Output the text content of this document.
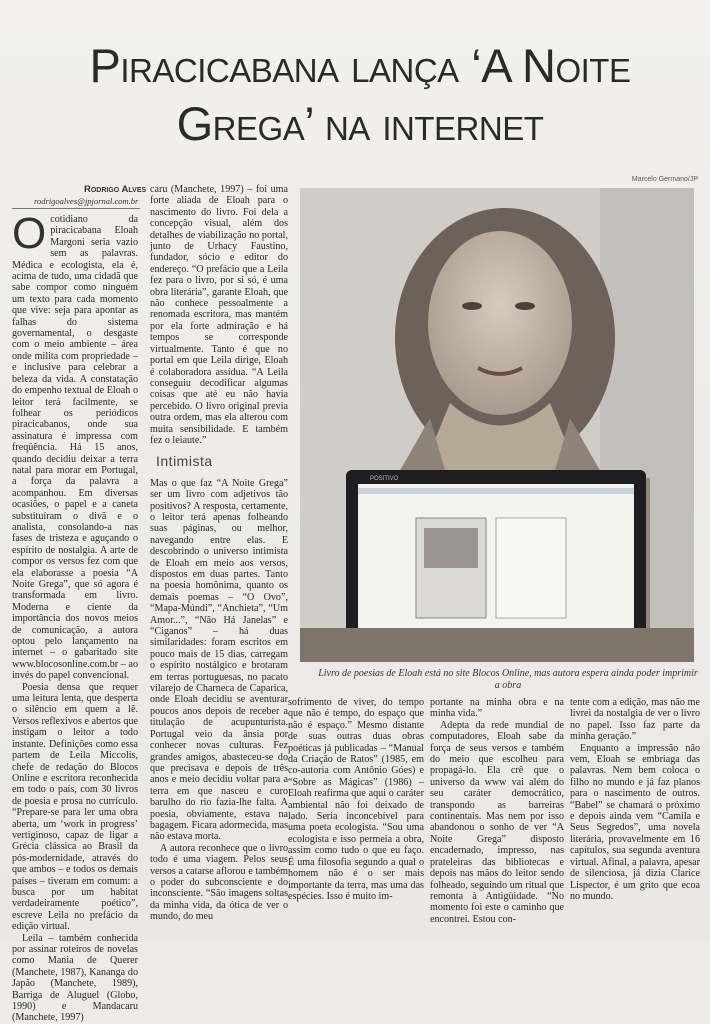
Piracicabana lança ‘A Noite Grega’ na internet
POSITIVO
Marcelo Germano/JP
Livro de poesias de Eloah está no site Blocos Online, mas autora espera ainda poder imprimir a obra
Rodrigo Alves
rodrigoalves@jpjornal.com.br
O cotidiano da piracicabana Eloah Margoni seria vazio sem as palavras. Médica e ecologista, ela é, acima de tudo, uma cidadã que sabe compor como ninguém um texto para cada momento que vive: seja para apontar as falhas do sistema governamental, o desgaste com o meio ambiente – área onde milita com propriedade – e inclusive para celebrar a beleza da vida. A constatação do empenho textual de Eloah o leitor terá facilmente, se folhear os periódicos piracicabanos, onde sua assinatura é impressa com freqüência. Há 15 anos, quando decidiu deixar a terra natal para morar em Portugal, a força da palavra a acompanhou. Em diversas ocasiões, o papel e a caneta substituíram o divã e o analista, consolando-a nas fases de tristeza e aguçando o espírito de nostalgia. A arte de compor os versos fez com que ela elaborasse a poesia “A Noite Grega”, que só agora é transformada em livro. Moderna e ciente da importância dos novos meios de comunicação, a autora optou pelo lançamento na internet – o gabaritado site www.blocosonline.com.br – ao invés do papel convencional.

Poesia densa que requer uma leitura lenta, que desperta o silêncio em quem a lê. Versos reflexivos e abertos que instigam o leitor a todo instante. Definições como essa partem de Leila Miccolis, chefe de redação do Blocos Online e escritora reconhecida em todo o país, com 30 livros de poesia e prosa no currículo. “Prepare-se para ler uma obra aberta, um ‘work in progress’ vertiginoso, capaz de ligar a Grécia clássica ao Brasil da pós-modernidade, através do que ambos – e todos os demais países – tiveram em comum: a busca por um habitat verdadeiramente poético”, escreve Leila no prefácio da edição virtual.

Leila – também conhecida por assinar roteiros de novelas como Mania de Querer (Manchete, 1987), Kananga do Japão (Manchete, 1989), Barriga de Aluguel (Globo, 1990) e Mandacaru (Manchete, 1997)

caru (Manchete, 1997) – foi uma forte aliada de Eloah para o nascimento do livro. Foi dela a concepção visual, além dos detalhes de viabilização no portal, junto de Urhacy Faustino, fundador, sócio e editor do endereço. “O prefácio que a Leila fez para o livro, por si só, é uma obra literária”, garante Eloah, que não conhece pessoalmente a renomada escritora, mas mantém por ela forte admiração e há tempos se corresponde virtualmente. Tanto é que no portal em que Leila dirige, Eloah é colaboradora assídua. “A Leila conseguiu decodificar algumas coisas que até eu não havia percebido. O livro original previa outra ordem, mas ela alterou com muita sensibilidade. E também fez o leiaute.”

Intimista

Mas o que faz “A Noite Grega” ser um livro com adjetivos tão positivos? A resposta, certamente, o leitor terá apenas folheando suas páginas, ou melhor, navegando entre elas. E descobrindo o universo intimista de Eloah em meio aos versos, dispostos em duas partes. Tanto na poesia homônima, quanto os demais poemas – “O Ovo”, “Mapa-Múndi”, “Anchieta”, “Um Amor...”, “Não Há Janelas” e “Ciganos” – há duas similaridades: foram escritos em pouco mais de 15 dias, carregam o espírito nostálgico e brotaram em terras portuguesas, no pacato vilarejo de Charneca de Caparica, onde Eloah decidiu se aventurar poucos anos depois de receber a titulação de acupunturista. Portugal veio da ânsia por conhecer novas culturas. Fez grandes amigos, abasteceu-se do que precisava e depois de três anos e meio decidiu voltar para a terra em que nasceu e curo barulho do rio fazia-lhe falta. A poesia, obviamente, estava na bagagem. Ficara adormecida, mas não estava morta.

A autora reconhece que o livro todo é uma viagem. Pelos seus versos a catarse aflorou e também o poder do subconsciente e do inconsciente. “São imagens soltas da minha vida, da ótica de ver o mundo, do meu

sofrimento de viver, do tempo que não é tempo, do espaço que não é espaço.” Mesmo distante de suas outras duas obras poéticas já publicadas – “Manual da Criação de Ratos” (1985, em co-autoria com Antônio Góes) e “Sobre as Mágicas” (1986) – Eloah reafirma que aqui o caráter ambiental não foi deixado de lado. Seria inconcebível para uma poeta ecologista. “Sou uma ecologista e isso permeia a obra, assim como tudo o que eu faço. É uma filosofia segundo a qual o homem não é o ser mais importante da terra, mas uma das espécies. Isso é muito im-

portante na minha obra e na minha vida.”

Adepta da rede mundial de computadores, Eloah sabe da força de seus versos e também do meio que escolheu para propagá-lo. Ela crê que o universo da www vai além do seu caráter democrático, transpondo as barreiras continentais. Mas nem por isso abandonou o sonho de ver “A Noite Grega” disposto encadernado, impresso, nas prateleiras das bibliotecas e depois nas mãos do leitor sendo folheado, seguindo um ritual que remonta à Antigüidade. “No momento foi este o caminho que encontrei. Estou con-

tente com a edição, mas não me livrei da nostalgia de ver o livro no papel. Isso faz parte da minha geração.”

Enquanto a impressão não vem, Eloah se embriaga das palavras. Nem bem coloca o filho no mundo e já faz planos para o nascimento de outros. “Babel” se chamará o próximo e depois ainda vem “Camila e Seus Segredos”, uma novela literária, provavelmente em 16 capítulos, sua segunda aventura virtual. Afinal, a palavra, apesar de silenciosa, já dizia Clarice Lispector, é um grito que ecoa no mundo.
